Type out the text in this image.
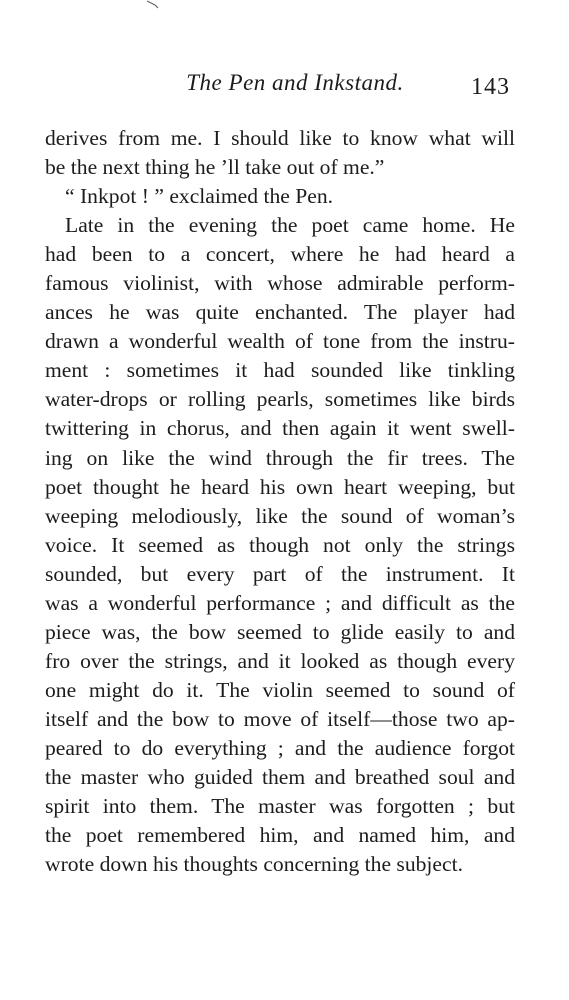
The Pen and Inkstand.	143
derives from me. I should like to know what will
be the next thing he ’ll take out of me.”
“ Inkpot ! ” exclaimed the Pen.
Late in the evening the poet came home. He
had been to a concert, where he had heard a
famous violinist, with whose admirable perform-
ances he was quite enchanted. The player had
drawn a wonderful wealth of tone from the instru-
ment : sometimes it had sounded like tinkling
water-drops or rolling pearls, sometimes like birds
twittering in chorus, and then again it went swell-
ing on like the wind through the fir trees. The
poet thought he heard his own heart weeping, but
weeping melodiously, like the sound of woman’s
voice. It seemed as though not only the strings
sounded, but every part of the instrument. It
was a wonderful performance ; and difficult as the
piece was, the bow seemed to glide easily to and
fro over the strings, and it looked as though every
one might do it. The violin seemed to sound of
itself and the bow to move of itself—those two ap-
peared to do everything ; and the audience forgot
the master who guided them and breathed soul and
spirit into them. The master was forgotten ; but
the poet remembered him, and named him, and
wrote down his thoughts concerning the subject.
